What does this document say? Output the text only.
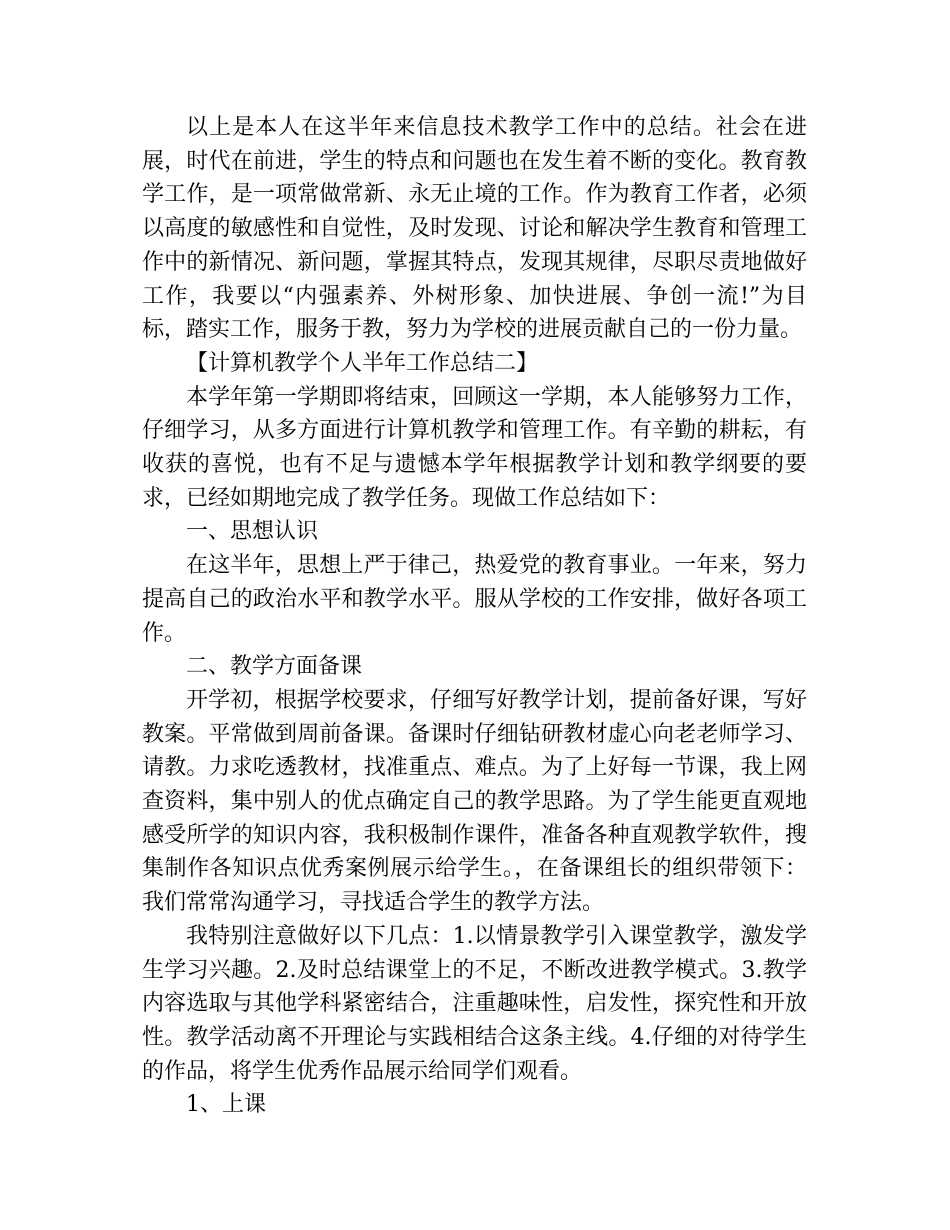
以上是本人在这半年来信息技术教学工作中的总结。社会在进展，时代在前进，学生的特点和问题也在发生着不断的变化。教育教学工作，是一项常做常新、永无止境的工作。作为教育工作者，必须以高度的敏感性和自觉性，及时发现、讨论和解决学生教育和管理工作中的新情况、新问题，掌握其特点，发现其规律，尽职尽责地做好工作，我要以“内强素养、外树形象、加快进展、争创一流!”为目标，踏实工作，服务于教，努力为学校的进展贡献自己的一份力量。

【计算机教学个人半年工作总结二】

本学年第一学期即将结束，回顾这一学期，本人能够努力工作，仔细学习，从多方面进行计算机教学和管理工作。有辛勤的耕耘，有收获的喜悦，也有不足与遗憾本学年根据教学计划和教学纲要的要求，已经如期地完成了教学任务。现做工作总结如下：

一、思想认识

在这半年，思想上严于律己，热爱党的教育事业。一年来，努力提高自己的政治水平和教学水平。服从学校的工作安排，做好各项工作。

二、教学方面备课

开学初，根据学校要求，仔细写好教学计划，提前备好课，写好教案。平常做到周前备课。备课时仔细钻研教材虚心向老老师学习、请教。力求吃透教材，找准重点、难点。为了上好每一节课，我上网查资料，集中别人的优点确定自己的教学思路。为了学生能更直观地感受所学的知识内容，我积极制作课件，准备各种直观教学软件，搜集制作各知识点优秀案例展示给学生。，在备课组长的组织带领下：我们常常沟通学习，寻找适合学生的教学方法。

我特别注意做好以下几点：1.以情景教学引入课堂教学，激发学生学习兴趣。2.及时总结课堂上的不足，不断改进教学模式。3.教学内容选取与其他学科紧密结合，注重趣味性，启发性，探究性和开放性。教学活动离不开理论与实践相结合这条主线。4.仔细的对待学生的作品，将学生优秀作品展示给同学们观看。

1、上课
